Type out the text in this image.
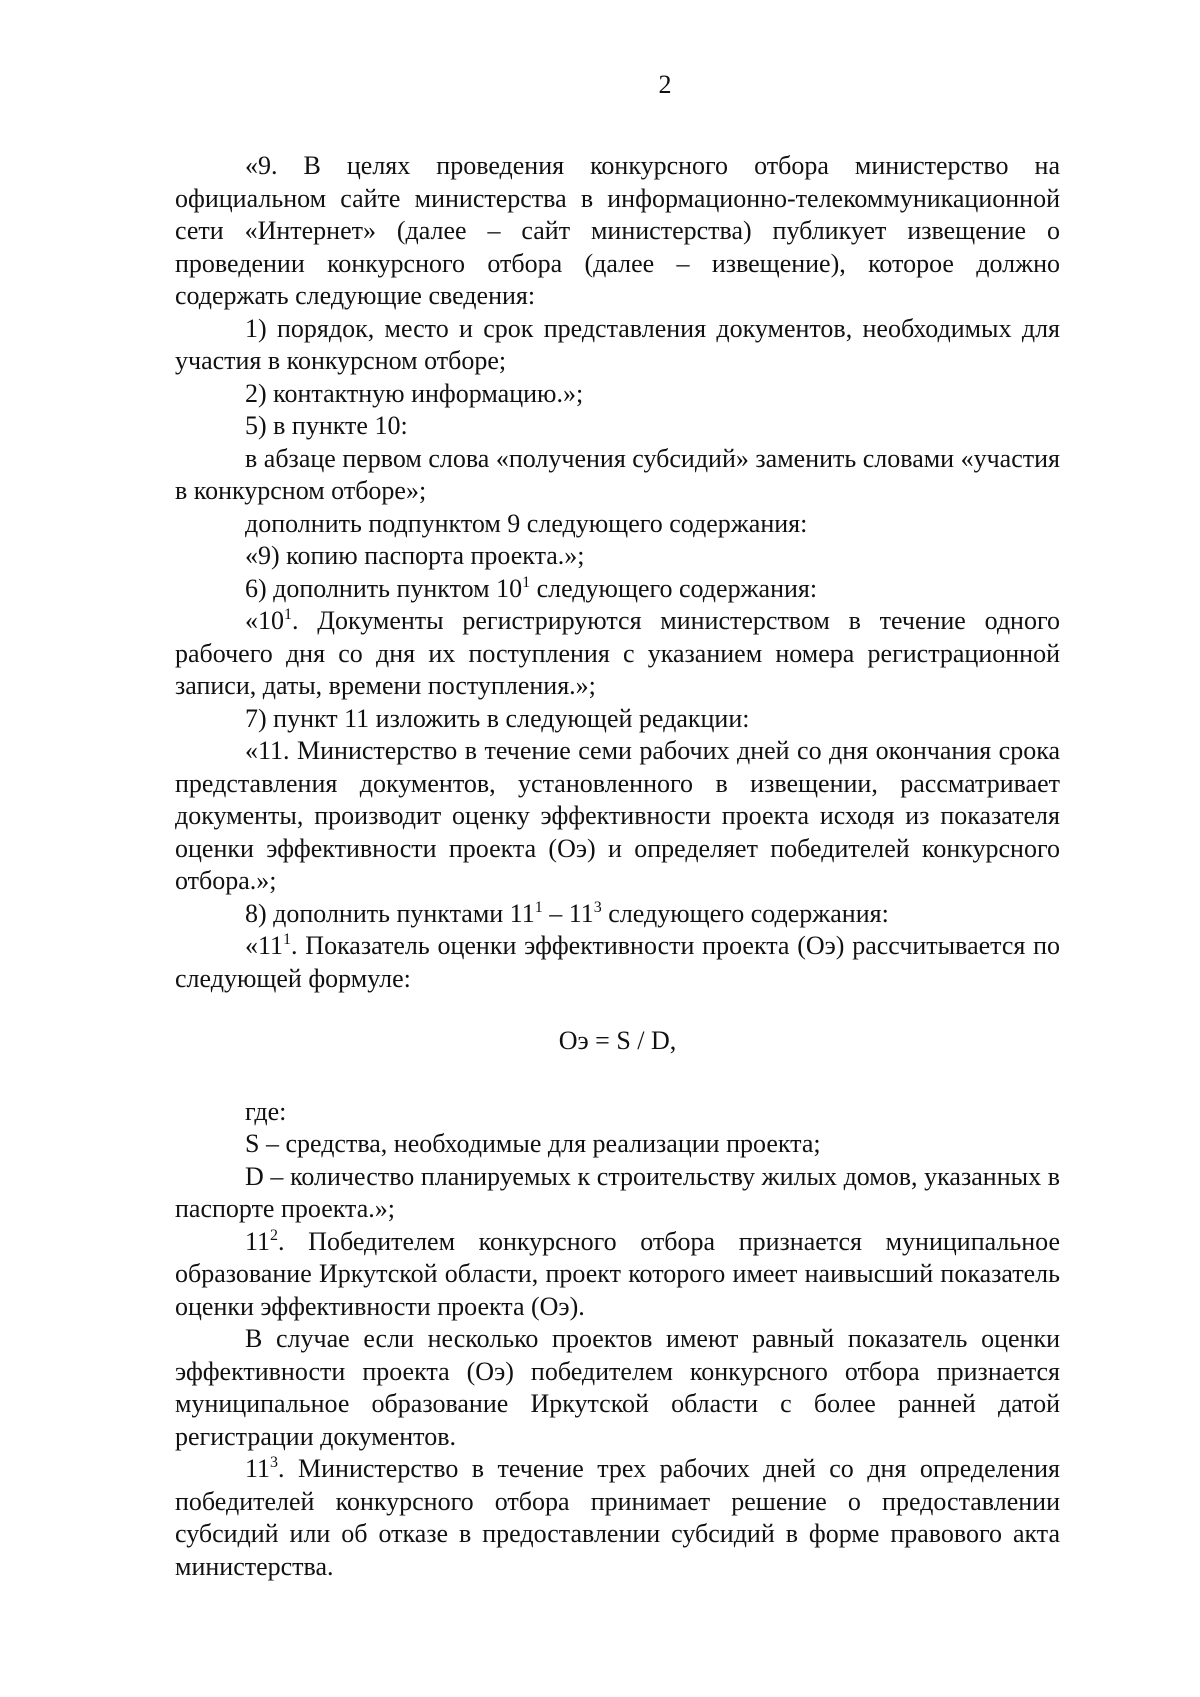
2

«9. В целях проведения конкурсного отбора министерство на официальном сайте министерства в информационно-телекоммуникационной сети «Интернет» (далее – сайт министерства) публикует извещение о проведении конкурсного отбора (далее – извещение), которое должно содержать следующие сведения:

1) порядок, место и срок представления документов, необходимых для участия в конкурсном отборе;

2) контактную информацию.»;

5) в пункте 10:

в абзаце первом слова «получения субсидий» заменить словами «участия в конкурсном отборе»;

дополнить подпунктом 9 следующего содержания:

«9) копию паспорта проекта.»;

6) дополнить пунктом $10^1$ следующего содержания:

«$10^1$. Документы регистрируются министерством в течение одного рабочего дня со дня их поступления с указанием номера регистрационной записи, даты, времени поступления.»;

7) пункт 11 изложить в следующей редакции:

«11. Министерство в течение семи рабочих дней со дня окончания срока представления документов, установленного в извещении, рассматривает документы, производит оценку эффективности проекта исходя из показателя оценки эффективности проекта (Оэ) и определяет победителей конкурсного отбора.»;

8) дополнить пунктами $11^1 - 11^3$ следующего содержания:

«$11^1$. Показатель оценки эффективности проекта (Оэ) рассчитывается по следующей формуле:

Оэ = S / D,

где:

S – средства, необходимые для реализации проекта;

D – количество планируемых к строительству жилых домов, указанных в паспорте проекта.»;

$11^2$. Победителем конкурсного отбора признается муниципальное образование Иркутской области, проект которого имеет наивысший показатель оценки эффективности проекта (Оэ).

В случае если несколько проектов имеют равный показатель оценки эффективности проекта (Оэ) победителем конкурсного отбора признается муниципальное образование Иркутской области с более ранней датой регистрации документов.

$11^3$. Министерство в течение трех рабочих дней со дня определения победителей конкурсного отбора принимает решение о предоставлении субсидий или об отказе в предоставлении субсидий в форме правового акта министерства.
